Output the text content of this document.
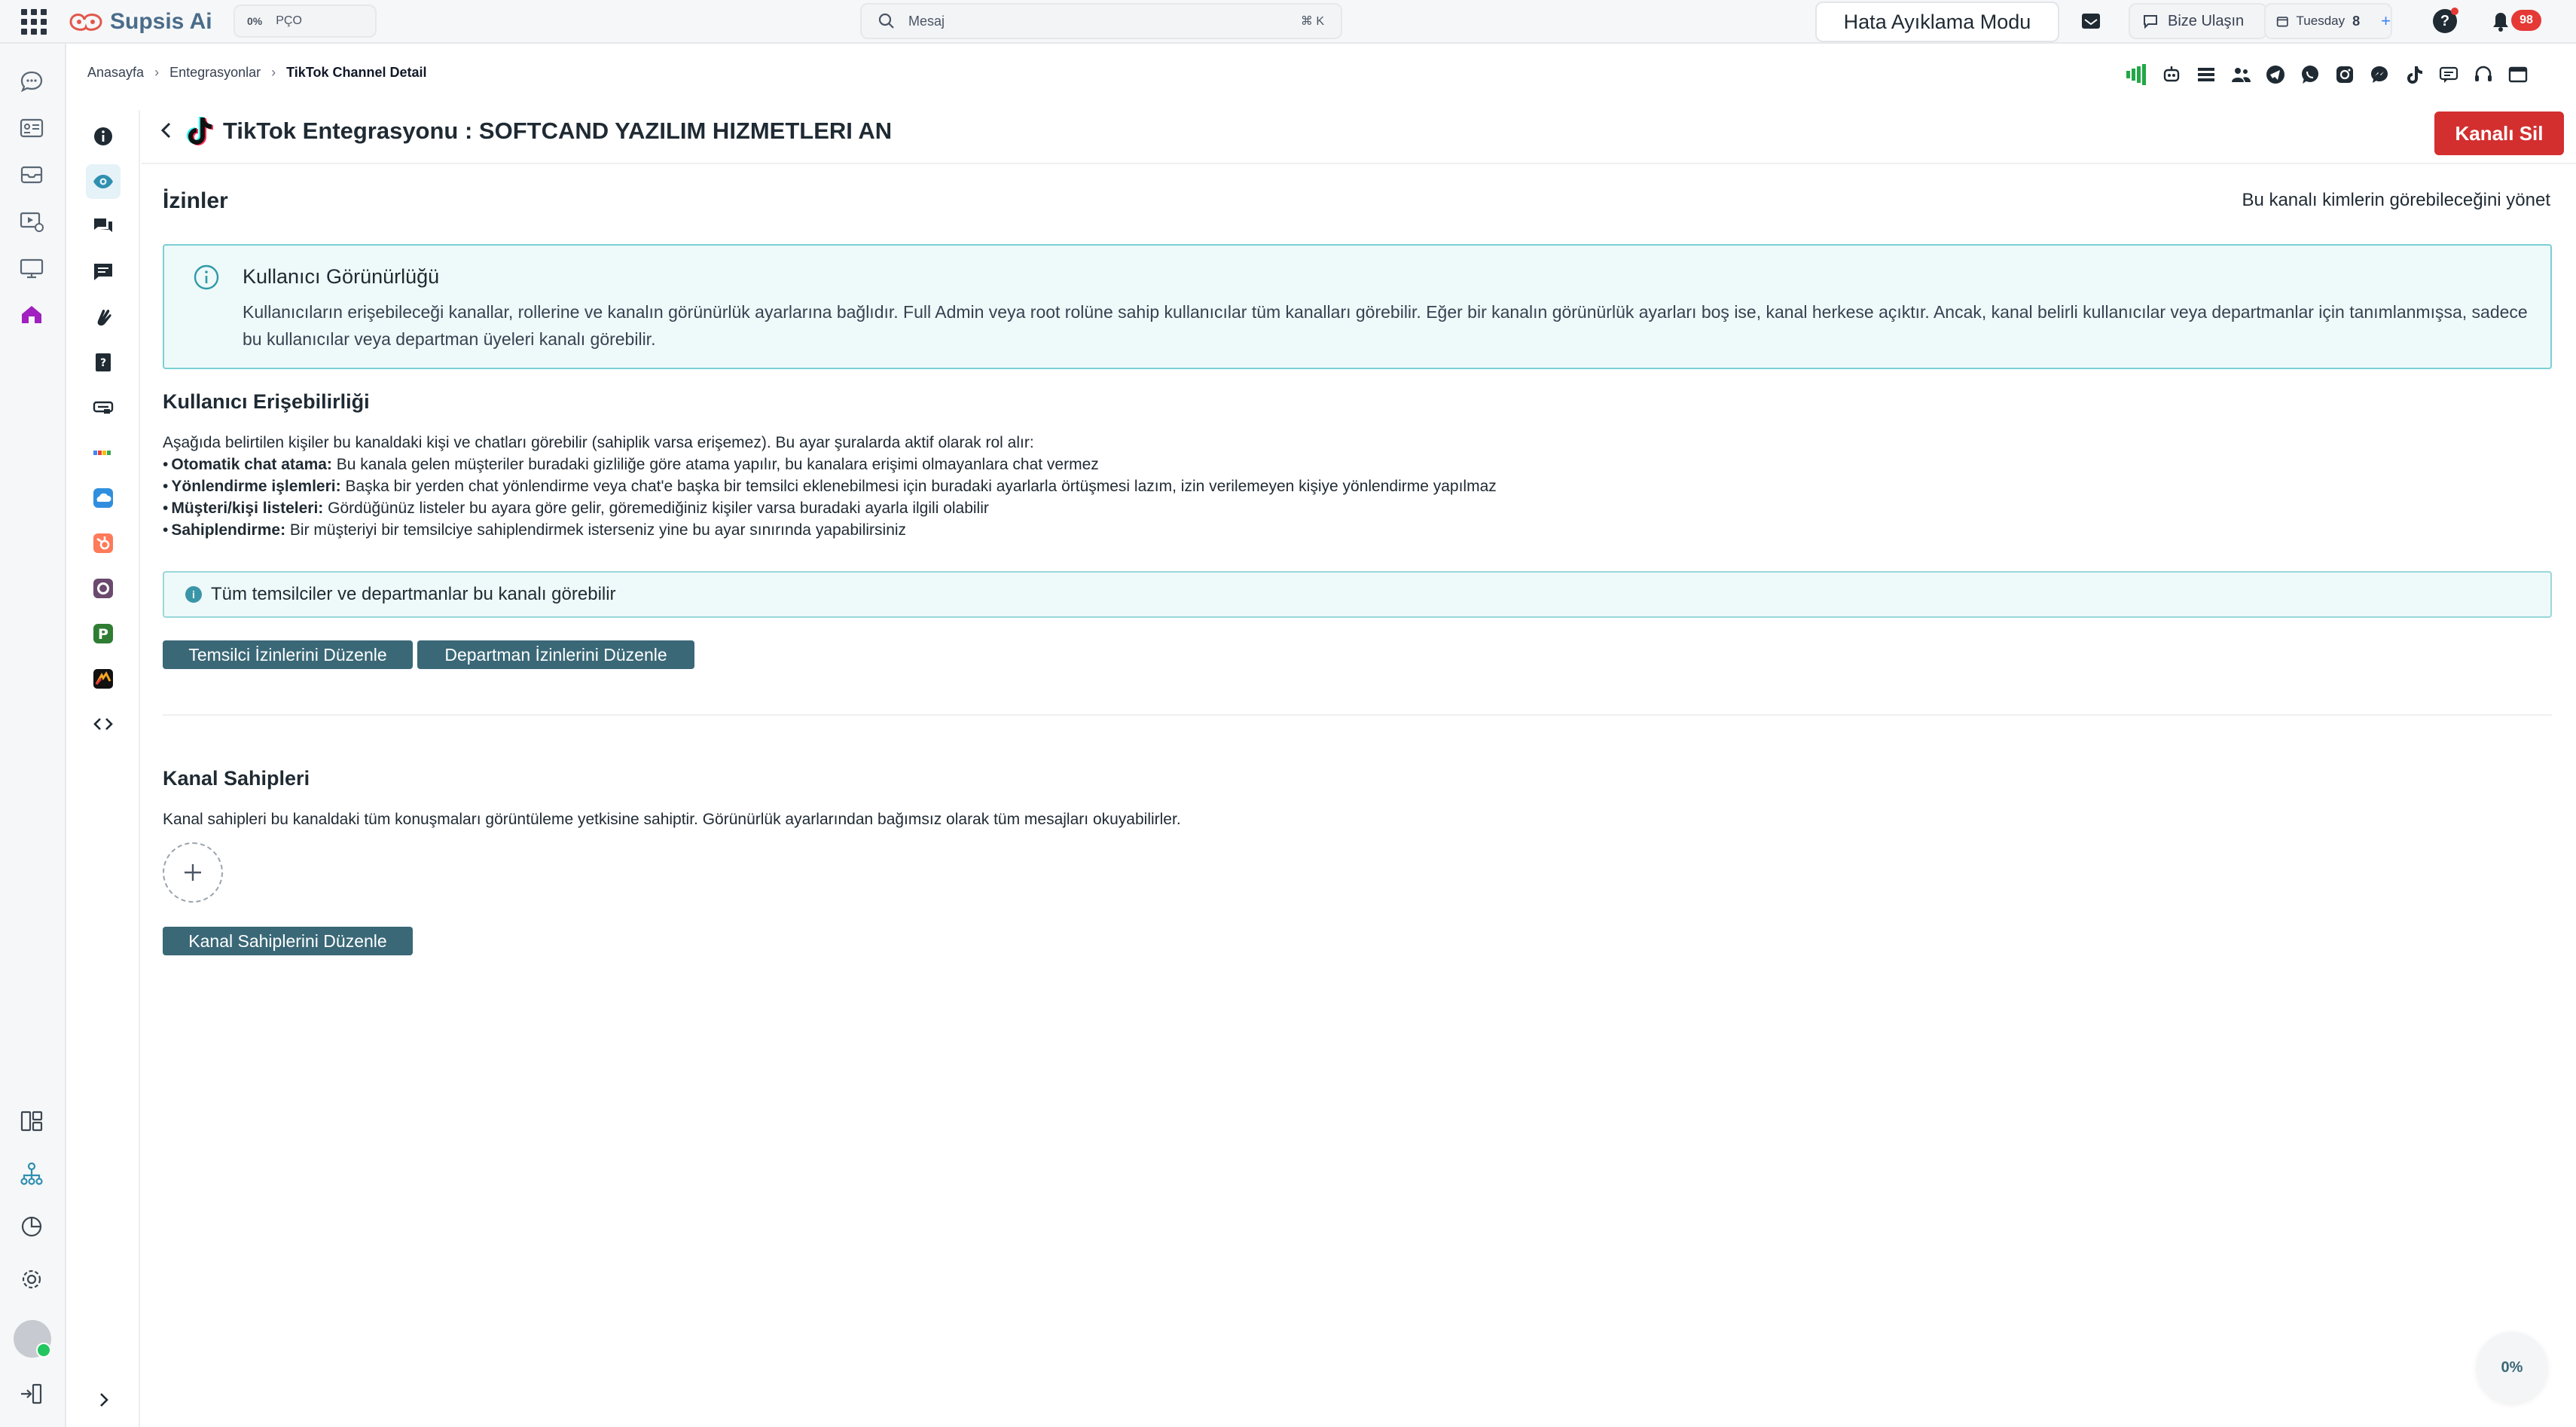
Supsis Ai	0% PÇO	Mesaj	⌘ K	Hata Ayıklama Modu	Bize Ulaşın	Tuesday 8 +	?	98
?
P
Anasayfa › Entegrasyonlar › TikTok Channel Detail
TikTok Entegrasyonu : SOFTCAND YAZILIM HIZMETLERI AN	Kanalı Sil
İzinler	Bu kanalı kimlerin görebileceğini yönet
Kullanıcı Görünürlüğü
Kullanıcıların erişebileceği kanallar, rollerine ve kanalın görünürlük ayarlarına bağlıdır. Full Admin veya root rolüne sahip kullanıcılar tüm kanalları görebilir. Eğer bir kanalın görünürlük ayarları boş ise, kanal herkese açıktır. Ancak, kanal belirli kullanıcılar veya departmanlar için tanımlanmışsa, sadece bu kullanıcılar veya departman üyeleri kanalı görebilir.
Kullanıcı Erişebilirliği
Aşağıda belirtilen kişiler bu kanaldaki kişi ve chatları görebilir (sahiplik varsa erişemez). Bu ayar şuralarda aktif olarak rol alır:
• Otomatik chat atama: Bu kanala gelen müşteriler buradaki gizliliğe göre atama yapılır, bu kanalara erişimi olmayanlara chat vermez
• Yönlendirme işlemleri: Başka bir yerden chat yönlendirme veya chat'e başka bir temsilci eklenebilmesi için buradaki ayarlarla örtüşmesi lazım, izin verilemeyen kişiye yönlendirme yapılmaz
• Müşteri/kişi listeleri: Gördüğünüz listeler bu ayara göre gelir, göremediğiniz kişiler varsa buradaki ayarla ilgili olabilir
• Sahiplendirme: Bir müşteriyi bir temsilciye sahiplendirmek isterseniz yine bu ayar sınırında yapabilirsiniz
i Tüm temsilciler ve departmanlar bu kanalı görebilir
Temsilci İzinlerini Düzenle	Departman İzinlerini Düzenle
Kanal Sahipleri
Kanal sahipleri bu kanaldaki tüm konuşmaları görüntüleme yetkisine sahiptir. Görünürlük ayarlarından bağımsız olarak tüm mesajları okuyabilirler.
Kanal Sahiplerini Düzenle
0%
